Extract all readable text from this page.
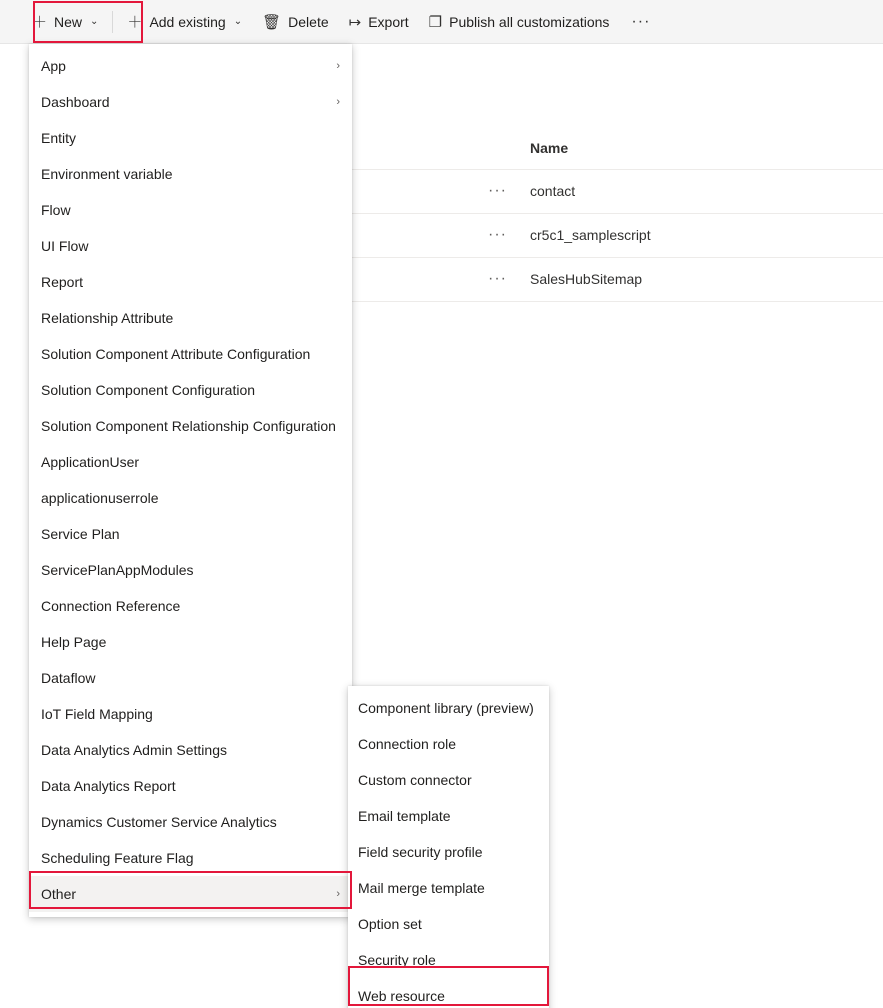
＋ New ⌄ ＋ Add existing ⌄ 🗑 Delete ↦ Export ❐ Publish all customizations	···
Name
··· contact
··· cr5c1_samplescript
··· SalesHubSitemap
App	›
Dashboard	›
Entity
Environment variable
Flow
UI Flow
Report
Relationship Attribute
Solution Component Attribute Configuration
Solution Component Configuration
Solution Component Relationship Configuration
ApplicationUser
applicationuserrole
Service Plan
ServicePlanAppModules
Connection Reference
Help Page
Dataflow
IoT Field Mapping
Data Analytics Admin Settings
Data Analytics Report
Dynamics Customer Service Analytics
Scheduling Feature Flag
Other	›
Component library (preview)
Connection role
Custom connector
Email template
Field security profile
Mail merge template
Option set
Security role
Web resource
